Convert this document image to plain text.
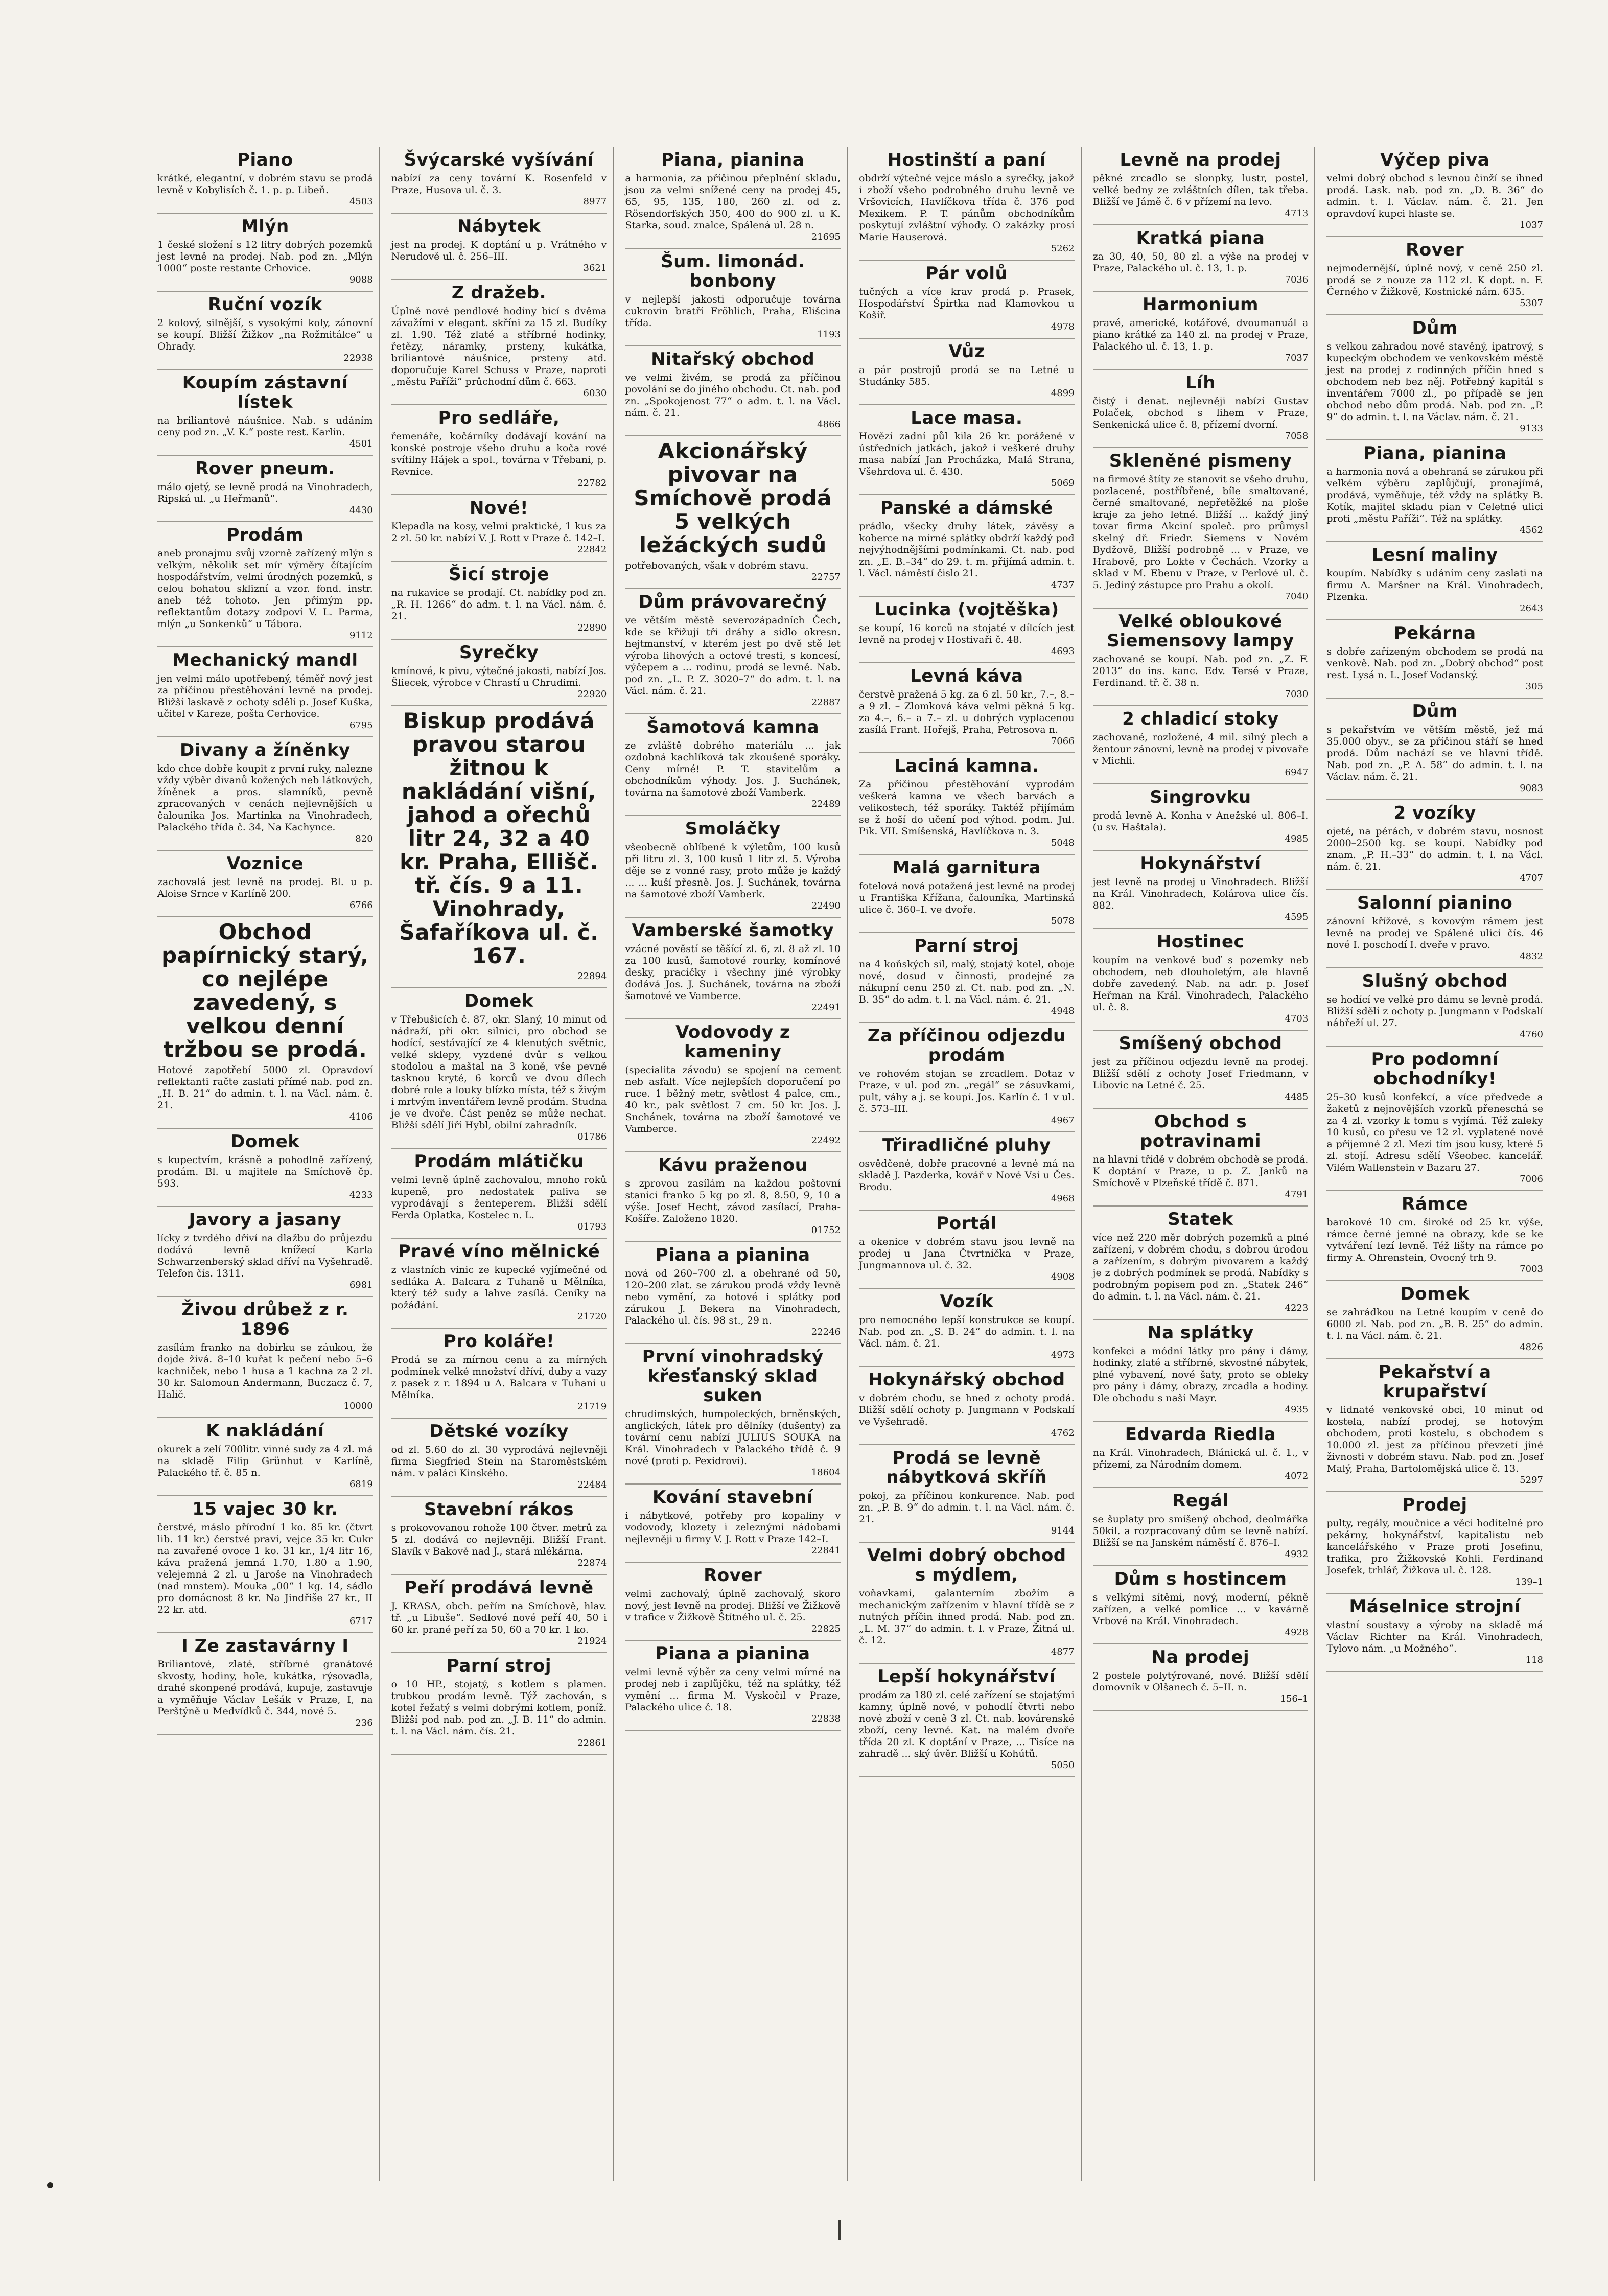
Piano

krátké, elegantní, v dobrém stavu se prodá levně v Kobylisích č. 1. p. p. Libeň.

4503
Mlýn

1 české složení s 12 litry dobrých pozemků jest levně na prodej. Nab. pod zn. „Mlýn 1000“ poste restante Crhovice.

9088
Ruční vozík

2 kolový, silnější, s vysokými koly, zánovní se koupí. Bližší Žižkov „na Rožmitálce“ u Ohrady.

22938
Koupím zástavní lístek

na briliantové náušnice. Nab. s udáním ceny pod zn. „V. K.“ poste rest. Karlín.

4501
Rover pneum.

málo ojetý, se levně prodá na Vinohradech, Ripská ul. „u Heřmanů“.

4430
Prodám

aneb pronajmu svůj vzorně zařízený mlýn s velkým, několik set mír výměry čítajícím hospodářstvím, velmi úrodných pozemků, s celou bohatou sklizní a vzor. fond. instr. aneb též tohoto. Jen přímým pp. reflektantům dotazy zodpoví V. L. Parma, mlýn „u Sonkenků“ u Tábora.

9112
Mechanický mandl

jen velmi málo upotřebený, téměř nový jest za příčinou přestěhování levně na prodej. Bližší laskavě z ochoty sdělí p. Josef Kuška, učitel v Kareze, pošta Cerhovice.

6795
Divany a žíněnky

kdo chce dobře koupit z první ruky, nalezne vždy výběr divanů kožených neb látkových, žíněnek a pros. slamníků, pevně zpracovaných v cenách nejlevnějších u čalounika Jos. Martínka na Vinohradech, Palackého třída č. 34, Na Kachynce.

820
Voznice

zachovalá jest levně na prodej. Bl. u p. Aloise Srnce v Karlíně 200.

6766
Obchod papírnický starý, co nejlépe zavedený, s velkou denní tržbou se prodá.

Hotové zapotřebí 5000 zl. Opravdoví reflektanti račte zaslati přímé nab. pod zn. „H. B. 21“ do admin. t. l. na Václ. nám. č. 21.

4106
Domek

s kupectvím, krásně a pohodlně zařízený, prodám. Bl. u majitele na Smíchově čp. 593.

4233
Javory a jasany

lícky z tvrdého dříví na dlažbu do průjezdu dodává levně knížecí Karla Schwarzenberský sklad dříví na Vyšehradě. Telefon čís. 1311.

6981
Živou drůbež z r. 1896

zasílám franko na dobírku se záukou, že dojde živá. 8–10 kuřat k pečení nebo 5–6 kachniček, nebo 1 husa a 1 kachna za 2 zl. 30 kr. Salomoun Andermann, Buczacz č. 7, Halič.

10000
K nakládání

okurek a zelí 700litr. vinné sudy za 4 zl. má na skladě Filip Grünhut v Karlíně, Palackého tř. č. 85 n.

6819
15 vajec 30 kr.

čerstvé, máslo přírodní 1 ko. 85 kr. (čtvrt lib. 11 kr.) čerstvé praví, vejce 35 kr. Cukr na zavařené ovoce 1 ko. 31 kr., 1/4 litr 16, káva pražená jemná 1.70, 1.80 a 1.90, velejemná 2 zl. u Jaroše na Vinohradech (nad mnstem). Mouka „00“ 1 kg. 14, sádlo pro domácnost 8 kr. Na Jindřiše 27 kr., II 22 kr. atd.

6717
I Ze zastavárny I

Briliantové, zlaté, stříbrné granátové skvosty, hodiny, hole, kukátka, rýsovadla, drahé skonpené prodává, kupuje, zastavuje a vyměňuje Václav Lešák v Praze, I, na Perštýně u Medvídků č. 344, nové 5.

236
Švýcarské vyšívání

nabízí za ceny tovární K. Rosenfeld v Praze, Husova ul. č. 3.

8977
Nábytek

jest na prodej. K doptání u p. Vrátného v Nerudově ul. č. 256–III.

3621
Z dražeb.

Úplně nové pendlové hodiny bicí s dvěma závažími v elegant. skříni za 15 zl. Budíky zl. 1.90. Též zlaté a stříbrné hodinky, řetězy, náramky, prsteny, kukátka, briliantové náušnice, prsteny atd. doporučuje Karel Schuss v Praze, naproti „městu Paříži“ průchodní dům č. 663.

6030
Pro sedláře,

řemenáře, kočárníky dodávají kování na konské postroje všeho druhu a koča rové svítilny Hájek a spol., továrna v Třebani, p. Revnice.

22782
Nové!

Klepadla na kosy, velmi praktické, 1 kus za 2 zl. 50 kr. nabízí V. J. Rott v Praze č. 142–I.

22842
Šicí stroje

na rukavice se prodají. Ct. nabídky pod zn. „R. H. 1266“ do adm. t. l. na Václ. nám. č. 21.

22890
Syrečky

kmínové, k pivu, výtečné jakosti, nabízí Jos. Šliecek, výrobce v Chrastí u Chrudimi.

22920
Biskup prodává pravou starou žitnou k nakládání višní, jahod a ořechů litr 24, 32 a 40 kr. Praha, Ellišč. tř. čís. 9 a 11. Vinohrady, Šafaříkova ul. č. 167.
22894
Domek

v Třebušicích č. 87, okr. Slaný, 10 minut od nádraží, při okr. silnici, pro obchod se hodící, sestávající ze 4 klenutých světnic, velké sklepy, vyzdené dvůr s velkou stodolou a maštal na 3 koně, vše pevně tasknou kryté, 6 korců ve dvou dílech dobré role a louky blízko místa, též s živým i mrtvým inventářem levně prodám. Studna je ve dvoře. Část peněz se může nechat. Bližší sdělí Jiří Hybl, obilní zahradník.

01786
Prodám mlátičku

velmi levně úplně zachovalou, mnoho roků kupeně, pro nedostatek paliva se vyprodávají s ženteperem. Bližší sdělí Ferda Oplatka, Kostelec n. L.

01793
Pravé víno mělnické

z vlastních vinic ze kupecké vyjímečné od sedláka A. Balcara z Tuhaně u Mělníka, který též sudy a lahve zasílá. Ceníky na požádání.

21720
Pro koláře!

Prodá se za mírnou cenu a za mírných podmínek velké množství dříví, duby a vazy z pasek z r. 1894 u A. Balcara v Tuhani u Mělníka.

21719
Dětské vozíky

od zl. 5.60 do zl. 30 vyprodává nejlevněji firma Siegfried Stein na Staroměstském nám. v paláci Kinského.

22484
Stavební rákos

s prokovovanou rohože 100 čtver. metrů za 5 zl. dodává co nejlevněji. Bližší Frant. Slavík v Bakově nad J., stará mlékárna.

22874
Peří prodává levně

J. KRASA, obch. peřím na Smíchově, hlav. tř. „u Libuše“. Sedlové nové peří 40, 50 i 60 kr. prané peří za 50, 60 a 70 kr. 1 ko.

21924
Parní stroj

o 10 HP., stojatý, s kotlem s plamen. trubkou prodám levně. Týž zachován, s kotel řežatý s velmi dobrými kotlem, poníž. Bližší pod nab. pod zn. „J. B. 11“ do admin. t. l. na Václ. nám. čís. 21.

22861
Piana, pianina

a harmonia, za příčinou přeplnění skladu, jsou za velmi snížené ceny na prodej 45, 65, 95, 135, 180, 260 zl. od z. Rösendorfských 350, 400 do 900 zl. u K. Starka, soud. znalce, Spálená ul. 28 n.

21695
Šum. limonád. bonbony

v nejlepší jakosti odporučuje továrna cukrovin bratří Fröhlich, Praha, Elišcina třída.

1193
Nitařský obchod

ve velmi živém, se prodá za příčinou povolání se do jiného obchodu. Ct. nab. pod zn. „Spokojenost 77“ o adm. t. l. na Václ. nám. č. 21.

4866
Akcionářský pivovar na Smíchově prodá 5 velkých ležáckých sudů

potřebovaných, však v dobrém stavu.

22757
Dům právovarečný

ve větším městě severozápadních Čech, kde se křižují tři dráhy a sídlo okresn. hejtmanství, v kterém jest po dvě stě let výroba lihových a octové tresti, s koncesí, výčepem a ... rodinu, prodá se levně. Nab. pod zn. „L. P. Z. 3020–7“ do adm. t. l. na Václ. nám. č. 21.

22887
Šamotová kamna

ze zvláště dobrého materiálu ... jak ozdobná kachlíková tak zkoušené sporáky. Ceny mírné! P. T. stavitelům a obchodníkům výhody. Jos. J. Suchánek, továrna na šamotové zboží Vamberk.

22489
Smoláčky

všeobecně oblíbené k výletům, 100 kusů při litru zl. 3, 100 kusů 1 litr zl. 5. Výroba děje se z vonné rasy, proto může je každý ... ... kuší přesně. Jos. J. Suchánek, továrna na šamotové zboží Vamberk.

22490
Vamberské šamotky

vzácné pověstí se těšící zl. 6, zl. 8 až zl. 10 za 100 kusů, šamotové rourky, komínové desky, pracičky i všechny jiné výrobky dodává Jos. J. Suchánek, továrna na zboží šamotové ve Vamberce.

22491
Vodovody z kameniny

(specialita závodu) se spojení na cement neb asfalt. Více nejlepších doporučení po ruce. 1 běžný metr, světlost 4 palce, cm., 40 kr., pak světlost 7 cm. 50 kr. Jos. J. Snchánek, továrna na zboží šamotové ve Vamberce.

22492
Kávu praženou

s zprovou zasílám na každou poštovní stanici franko 5 kg po zl. 8, 8.50, 9, 10 a výše. Josef Hecht, závod zasílací, Praha-Košíře. Založeno 1820.

01752
Piana a pianina

nová od 260–700 zl. a obehrané od 50, 120–200 zlat. se zárukou prodá vždy levně nebo vymění, za hotové i splátky pod zárukou J. Bekera na Vinohradech, Palackého ul. čís. 98 st., 29 n.

22246
První vinohradský křesťanský sklad suken

chrudimských, humpoleckých, brněnských, anglických, látek pro dělníky (dušenty) za tovární cenu nabízí JULIUS SOUKA na Král. Vinohradech v Palackého třídě č. 9 nové (proti p. Pexidrovi).

18604
Kování stavební

i nábytkové, potřeby pro kopaliny v vodovody, klozety i zeleznými nádobami nejlevněji u firmy V. J. Rott v Praze 142–I.

22841
Rover

velmi zachovalý, úplně zachovalý, skoro nový, jest levně na prodej. Bližší ve Žižkově v trafice v Žižkově Štítného ul. č. 25.

22825
Piana a pianina

velmi levně výběr za ceny velmi mírné na prodej neb i zaplůjčku, též na splátky, též vymění ... firma M. Vyskočil v Praze, Palackého ulice č. 18.

22838
Hostinští a paní

obdrží výtečné vejce máslo a syrečky, jakož i zboží všeho podrobného druhu levně ve Vršovicích, Havlíčkova třída č. 376 pod Mexikem. P. T. pánům obchodníkům poskytují zvláštní výhody. O zakázky prosí Marie Hauserová.

5262
Pár volů

tučných a více krav prodá p. Prasek, Hospodářství Špirtka nad Klamovkou u Košíř.

4978
Vůz

a pár postrojů prodá se na Letné u Studánky 585.

4899
Lace masa.

Hovězí zadní půl kila 26 kr. porážené v ústředních jatkách, jakož i veškeré druhy masa nabízí Jan Procházka, Malá Strana, Všehrdova ul. č. 430.

5069
Panské a dámské

prádlo, všecky druhy látek, závěsy a koberce na mírné splátky obdrží každý pod nejvýhodnějšími podmínkami. Ct. nab. pod zn. „E. B.–34“ do 29. t. m. přijímá admin. t. l. Václ. náměstí čislo 21.

4737
Lucinka (vojtěška)

se koupí, 16 korců na stojaté v dílcích jest levně na prodej v Hostivaři č. 48.

4693
Levná káva

čerstvě pražená 5 kg. za 6 zl. 50 kr., 7.–, 8.– a 9 zl. – Zlomková káva velmi pěkná 5 kg. za 4.–, 6.– a 7.– zl. u dobrých vyplacenou zasílá Frant. Hořejš, Praha, Petrosova n.

7066
Laciná kamna.

Za příčinou přestěhování vyprodám veškerá kamna ve všech barvách a velikostech, též sporáky. Taktéž přijímám se ž hoší do učení pod výhod. podm. Jul. Pik. VII. Smíšenská, Havlíčkova n. 3.

5048
Malá garnitura

fotelová nová potažená jest levně na prodej u Františka Křížana, čalouníka, Martinská ulice č. 360–I. ve dvoře.

5078
Parní stroj

na 4 koňských sil, malý, stojatý kotel, oboje nové, dosud v činnosti, prodejné za nákupní cenu 250 zl. Ct. nab. pod zn. „N. B. 35“ do adm. t. l. na Václ. nám. č. 21.

4948
Za příčinou odjezdu prodám

ve rohovém stojan se zrcadlem. Dotaz v Praze, v ul. pod zn. „regál“ se zásuvkami, pult, váhy a j. se koupí. Jos. Karlín č. 1 v ul. č. 573–III.

4967
Třiradličné pluhy

osvědčené, dobře pracovné a levné má na skladě J. Pazderka, kovář v Nové Vsi u Čes. Brodu.

4968
Portál

a okenice v dobrém stavu jsou levně na prodej u Jana Čtvrtníčka v Praze, Jungmannova ul. č. 32.

4908
Vozík

pro nemocného lepší konstrukce se koupí. Nab. pod zn. „S. B. 24“ do admin. t. l. na Václ. nám. č. 21.

4973
Hokynářský obchod

v dobrém chodu, se hned z ochoty prodá. Bližší sdělí ochoty p. Jungmann v Podskalí ve Vyšehradě.

4762
Prodá se levně nábytková skříň

pokoj, za příčinou konkurence. Nab. pod zn. „P. B. 9“ do admin. t. l. na Václ. nám. č. 21.

9144
Velmi dobrý obchod s mýdlem,

voňavkami, galanterním zbožím a mechanickým zařízením v hlavní třídě se z nutných příčin ihned prodá. Nab. pod zn. „L. M. 37“ do admin. t. l. v Praze, Žitná ul. č. 12.

4877
Lepší hokynářství

prodám za 180 zl. celé zařízení se stojatými kamny, úplně nové, v pohodlí čtvrti nebo nové zboží v ceně 3 zl. Ct. nab. kovárenské zboží, ceny levné. Kat. na malém dvoře třída 20 zl. K doptání v Praze, ... Tisíce na zahradě ... ský úvěr. Bližší u Kohútů.

5050
Levně na prodej

pěkné zrcadlo se slonpky, lustr, postel, velké bedny ze zvláštních dílen, tak třeba. Bližší ve Jámě č. 6 v přízemí na levo.

4713
Kratká piana

za 30, 40, 50, 80 zl. a výše na prodej v Praze, Palackého ul. č. 13, 1. p.

7036
Harmonium

pravé, americké, kotářové, dvoumanuál a piano krátké za 140 zl. na prodej v Praze, Palackého ul. č. 13, 1. p.

7037
Líh

čistý i denat. nejlevněji nabízí Gustav Polaček, obchod s lihem v Praze, Senkenická ulice č. 8, přízemí dvorní.

7058
Skleněné pismeny

na firmové štíty ze stanovit se všeho druhu, pozlacené, postříbřené, bíle smaltované, černé smaltované, nepřetěžké na ploše kraje za jeho letné. Bližší ... každý jiný tovar firma Akciní společ. pro průmysl skelný dř. Friedr. Siemens v Novém Bydžově, Bližší podrobně ... v Praze, ve Hrabově, pro Lokte v Čechách. Vzorky a sklad v M. Ebenu v Praze, v Perlové ul. č. 5. Jediný zástupce pro Prahu a okolí.

7040
Velké obloukové Siemensovy lampy

zachované se koupí. Nab. pod zn. „Z. F. 2013“ do ins. kanc. Edv. Tersé v Praze, Ferdinand. tř. č. 38 n.

7030
2 chladicí stoky

zachované, rozložené, 4 mil. silný plech a žentour zánovní, levně na prodej v pivovaře v Michli.

6947
Singrovku

prodá levně A. Konha v Anežské ul. 806–I. (u sv. Haštala).

4985
Hokynářství

jest levně na prodej u Vinohradech. Bližší na Král. Vinohradech, Kolárova ulice čís. 882.

4595
Hostinec

koupím na venkově buď s pozemky neb obchodem, neb dlouholetým, ale hlavně dobře zavedený. Nab. na adr. p. Josef Heřman na Král. Vinohradech, Palackého ul. č. 8.

4703
Smíšený obchod

jest za příčinou odjezdu levně na prodej. Bližší sdělí z ochoty Josef Friedmann, v Libovic na Letné č. 25.

4485
Obchod s potravinami

na hlavní třídě v dobrém obchodě se prodá. K doptání v Praze, u p. Z. Janků na Smíchově v Plzeňské třídě č. 871.

4791
Statek

více než 220 měr dobrých pozemků a plné zařízení, v dobrém chodu, s dobrou úrodou a zařízením, s dobrým pivovarem a každý je z dobrých podmínek se prodá. Nabídky s podrobným popisem pod zn. „Statek 246“ do admin. t. l. na Václ. nám. č. 21.

4223
Na splátky

konfekci a módní látky pro pány i dámy, hodinky, zlaté a stříbrné, skvostné nábytek, plné vybavení, nové šaty, proto se obleky pro pány i dámy, obrazy, zrcadla a hodiny. Dle obchodu s naší Mayr.

4935
Edvarda Riedla

na Král. Vinohradech, Blánická ul. č. 1., v přízemí, za Národním domem.

4072
Regál

se šuplaty pro smíšený obchod, deolmářka 50kil. a rozpracovaný dům se levně nabízí. Bližší se na Janském náměstí č. 876–I.

4932
Dům s hostincem

s velkými sítěmi, nový, moderní, pěkně zařízen, a velké pomlice ... v kavárně Vrbové na Král. Vinohradech.

4928
Na prodej

2 postele polytýrované, nové. Bližší sdělí domovník v Olšanech č. 5–II. n.

156–1
Výčep piva

velmi dobrý obchod s levnou činží se ihned prodá. Lask. nab. pod zn. „D. B. 36“ do admin. t. l. Václav. nám. č. 21. Jen opravdoví kupci hlaste se.

1037
Rover

nejmodernější, úplně nový, v ceně 250 zl. prodá se z nouze za 112 zl. K dopt. n. F. Černého v Žižkově, Kostnické nám. 635.

5307
Dům

s velkou zahradou nově stavěný, ipatrový, s kupeckým obchodem ve venkovském městě jest na prodej z rodinných příčin hned s obchodem neb bez něj. Potřebný kapitál s inventářem 7000 zl., po případě se jen obchod nebo dům prodá. Nab. pod zn. „P. 9“ do admin. t. l. na Václav. nám. č. 21.

9133
Piana, pianina

a harmonia nová a obehraná se zárukou při velkém výběru zaplůjčují, pronajímá, prodává, vyměňuje, též vždy na splátky B. Kotík, majitel skladu pian v Celetné ulici proti „městu Paříži“. Též na splátky.

4562
Lesní maliny

koupím. Nabídky s udáním ceny zaslati na firmu A. Maršner na Král. Vinohradech, Plzenka.

2643
Pekárna

s dobře zařízeným obchodem se prodá na venkově. Nab. pod zn. „Dobrý obchod“ post rest. Lysá n. L. Josef Vodanský.

305
Dům

s pekařstvím ve větším městě, jež má 35.000 obyv., se za příčinou stáří se hned prodá. Dům nachází se ve hlavní třídě. Nab. pod zn. „P. A. 58“ do admin. t. l. na Václav. nám. č. 21.

9083
2 vozíky

ojeté, na pérách, v dobrém stavu, nosnost 2000–2500 kg. se koupí. Nabídky pod znam. „P. H.–33“ do admin. t. l. na Václ. nám. č. 21.

4707
Salonní pianino

zánovní křížové, s kovovým rámem jest levně na prodej ve Spálené ulici čís. 46 nové I. poschodí I. dveře v pravo.

4832
Slušný obchod

se hodící ve velké pro dámu se levně prodá. Bližší sdělí z ochoty p. Jungmann v Podskalí nábřeží ul. 27.

4760
Pro podomní obchodníky!

25–30 kusů konfekcí, a více předvede a žaketů z nejnovějších vzorků přeneschá se za 4 zl. vzorky k tomu s vyjímá. Též zaleky 10 kusů, co přesu ve 12 zl. vyplatené nové a příjemné 2 zl. Mezi tím jsou kusy, které 5 zl. stojí. Adresu sdělí Všeobec. kancelář. Vilém Wallenstein v Bazaru 27.

7006
Rámce

barokové 10 cm. široké od 25 kr. výše, rámce černé jemné na obrazy, kde se ke vytváření lezí levně. Též lišty na rámce po firmy A. Ohrenstein, Ovocný trh 9.

7003
Domek

se zahrádkou na Letné koupím v ceně do 6000 zl. Nab. pod zn. „B. B. 25“ do admin. t. l. na Václ. nám. č. 21.

4826
Pekařství a krupařství

v lidnaté venkovské obci, 10 minut od kostela, nabízí prodej, se hotovým obchodem, proti kostelu, s obchodem s 10.000 zl. jest za příčinou převzetí jiné živnosti v dobrém stavu. Nab. pod zn. Josef Malý, Praha, Bartolomějská ulice č. 13.

5297
Prodej

pulty, regály, moučnice a věci hoditelné pro pekárny, hokynářství, kapitalistu neb kancelářského v Praze proti Josefinu, trafika, pro Žižkovské Kohli. Ferdinand Josefek, trhlář, Žižkova ul. č. 128.

139–1
Máselnice strojní

vlastní soustavy a výroby na skladě má Václav Richter na Král. Vinohradech, Tylovo nám. „u Možného“.

118
